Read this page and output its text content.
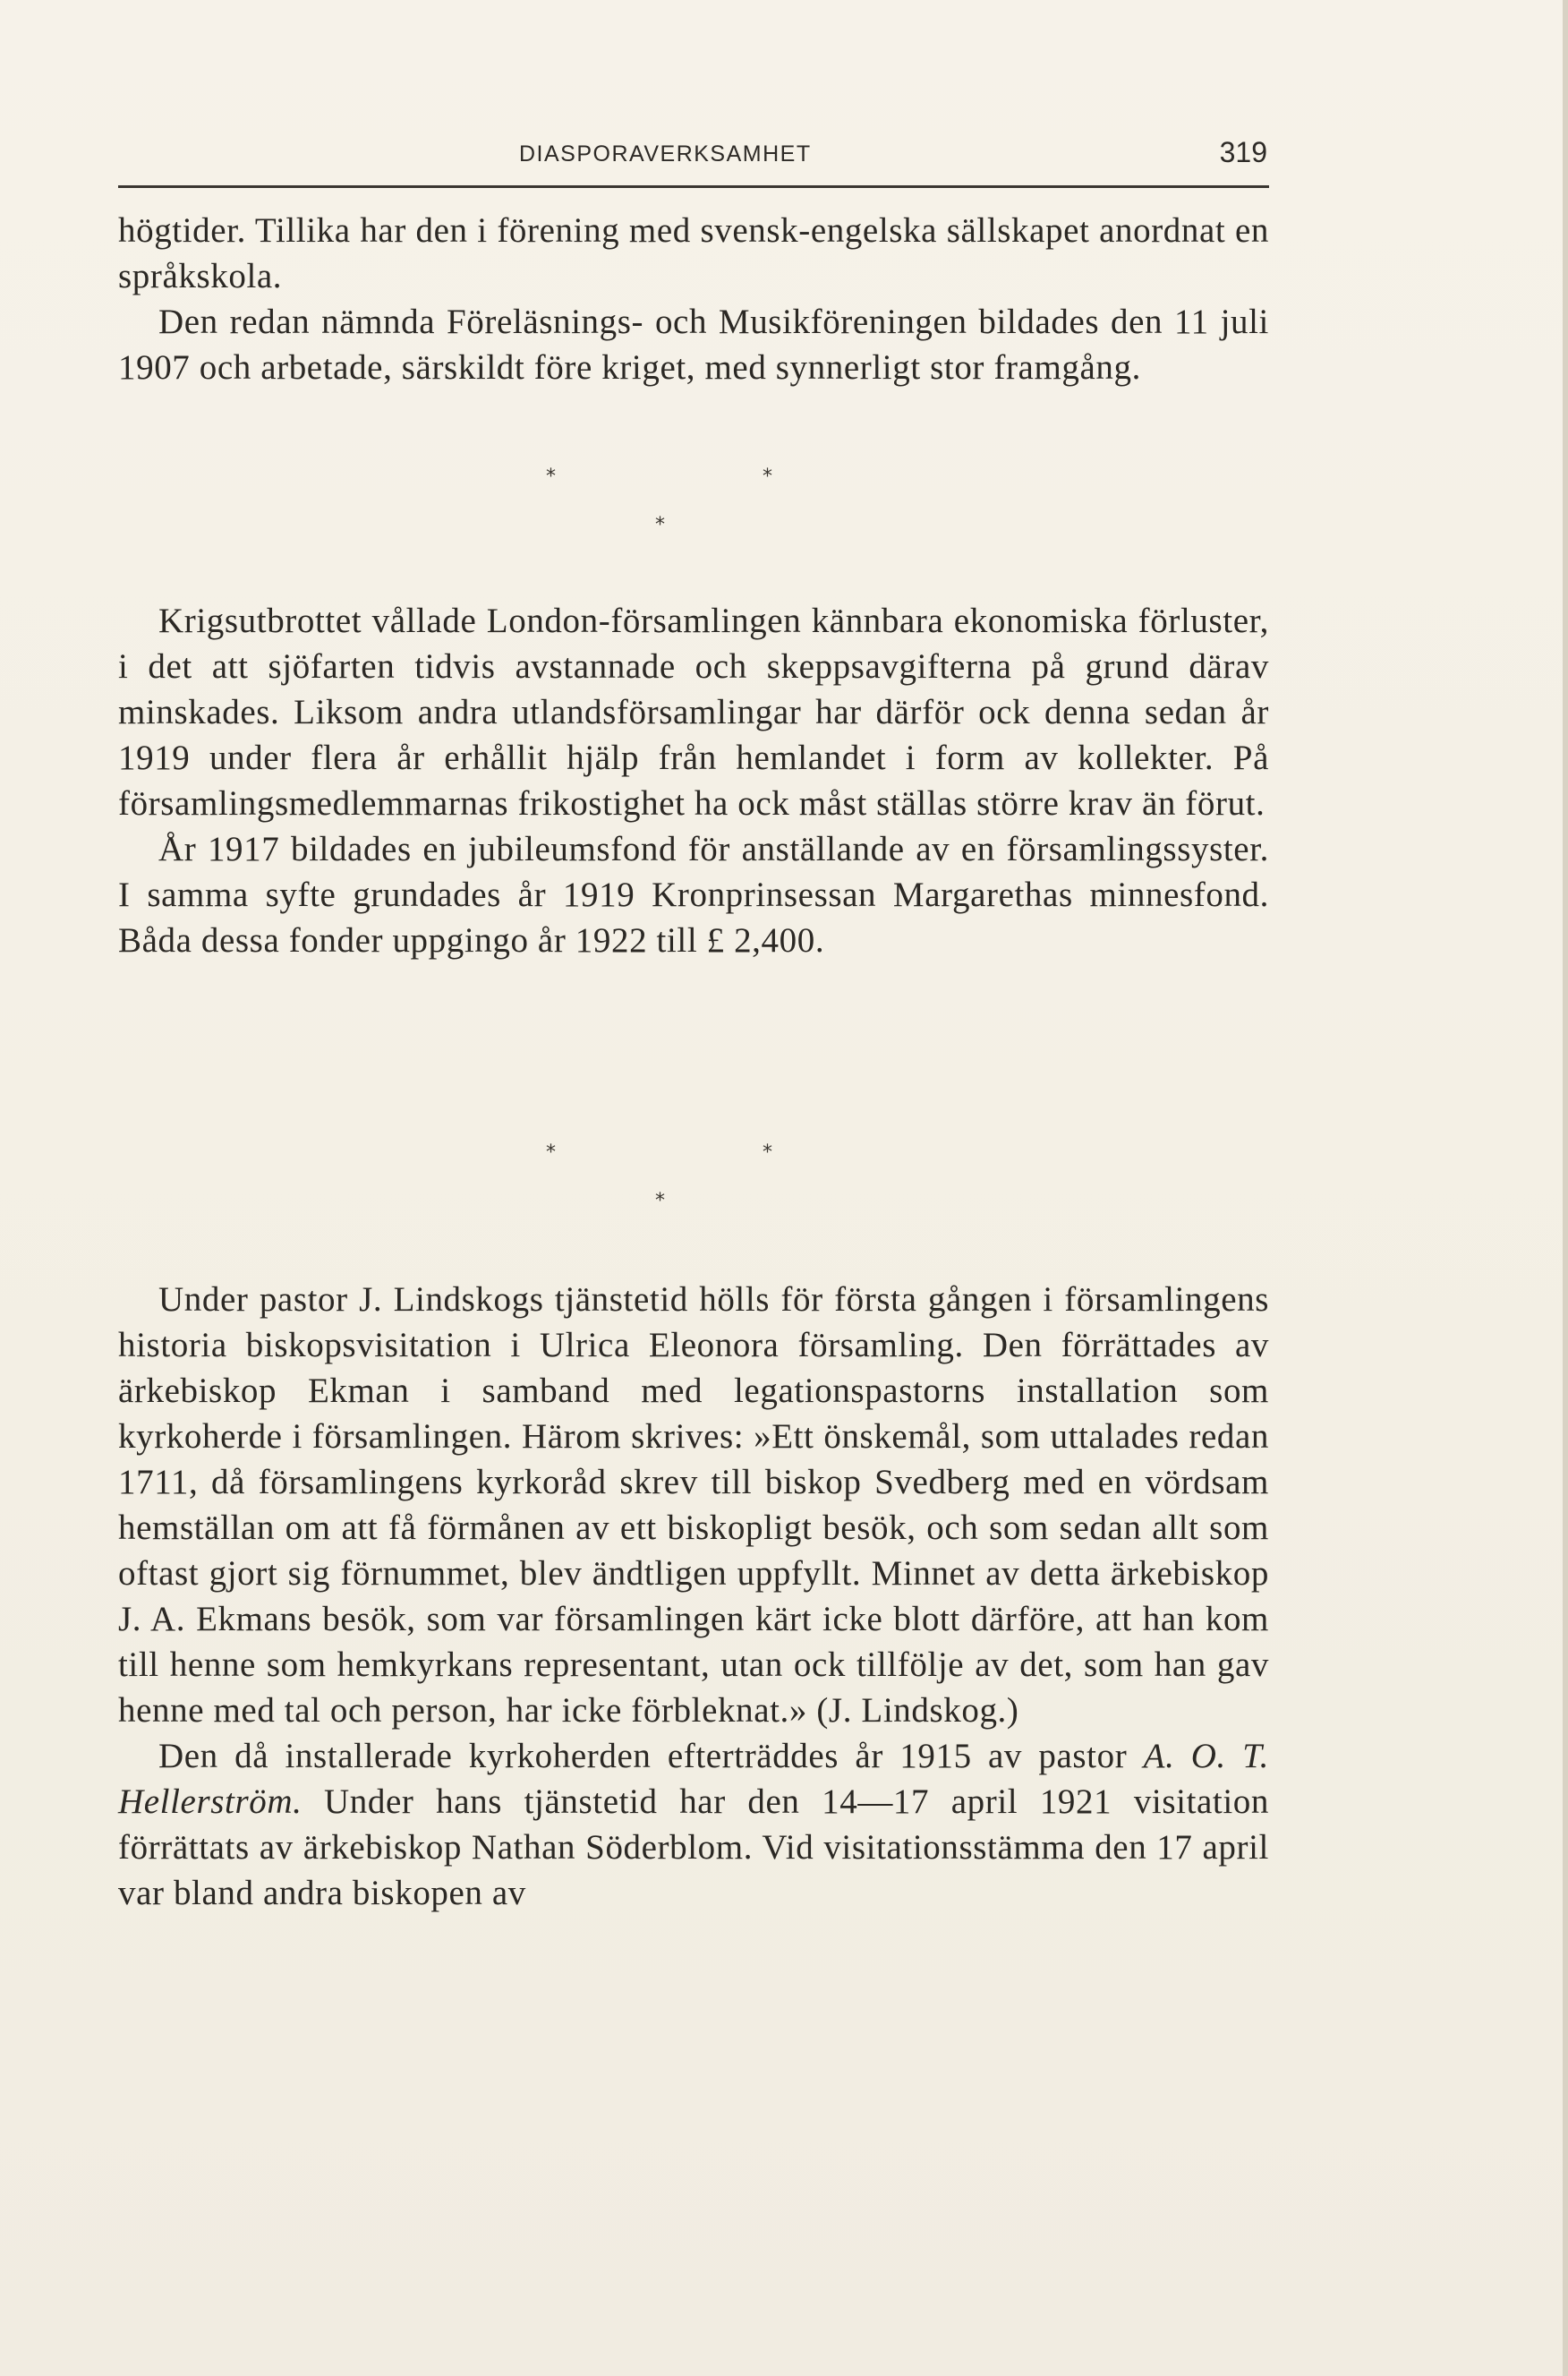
DIASPORAVERKSAMHET	319

högtider. Tillika har den i förening med svensk-engelska sällskapet anordnat en språkskola.

Den redan nämnda Föreläsnings- och Musikföreningen bildades den 11 juli 1907 och arbetade, särskildt före kriget, med synnerligt stor framgång.

*	*
*

Krigsutbrottet vållade London-församlingen kännbara ekonomiska förluster, i det att sjöfarten tidvis avstannade och skeppsavgifterna på grund därav minskades. Liksom andra utlandsförsamlingar har därför ock denna sedan år 1919 under flera år erhållit hjälp från hemlandet i form av kollekter. På församlingsmedlemmarnas frikostighet ha ock måst ställas större krav än förut.

År 1917 bildades en jubileumsfond för anställande av en församlingssyster. I samma syfte grundades år 1919 Kronprinsessan Margarethas minnesfond. Båda dessa fonder uppgingo år 1922 till £ 2,400.

*	*
*

Under pastor J. Lindskogs tjänstetid hölls för första gången i församlingens historia biskopsvisitation i Ulrica Eleonora församling. Den förrättades av ärkebiskop Ekman i samband med legationspastorns installation som kyrkoherde i församlingen. Härom skrives: »Ett önskemål, som uttalades redan 1711, då församlingens kyrkoråd skrev till biskop Svedberg med en vördsam hemställan om att få förmånen av ett biskopligt besök, och som sedan allt som oftast gjort sig förnummet, blev ändtligen uppfyllt. Minnet av detta ärkebiskop J. A. Ekmans besök, som var församlingen kärt icke blott därföre, att han kom till henne som hemkyrkans representant, utan ock tillfölje av det, som han gav henne med tal och person, har icke förbleknat.» (J. Lindskog.)

Den då installerade kyrkoherden efterträddes år 1915 av pastor A. O. T. Hellerström. Under hans tjänstetid har den 14—17 april 1921 visitation förrättats av ärkebiskop Nathan Söderblom. Vid visitationsstämma den 17 april var bland andra biskopen av
